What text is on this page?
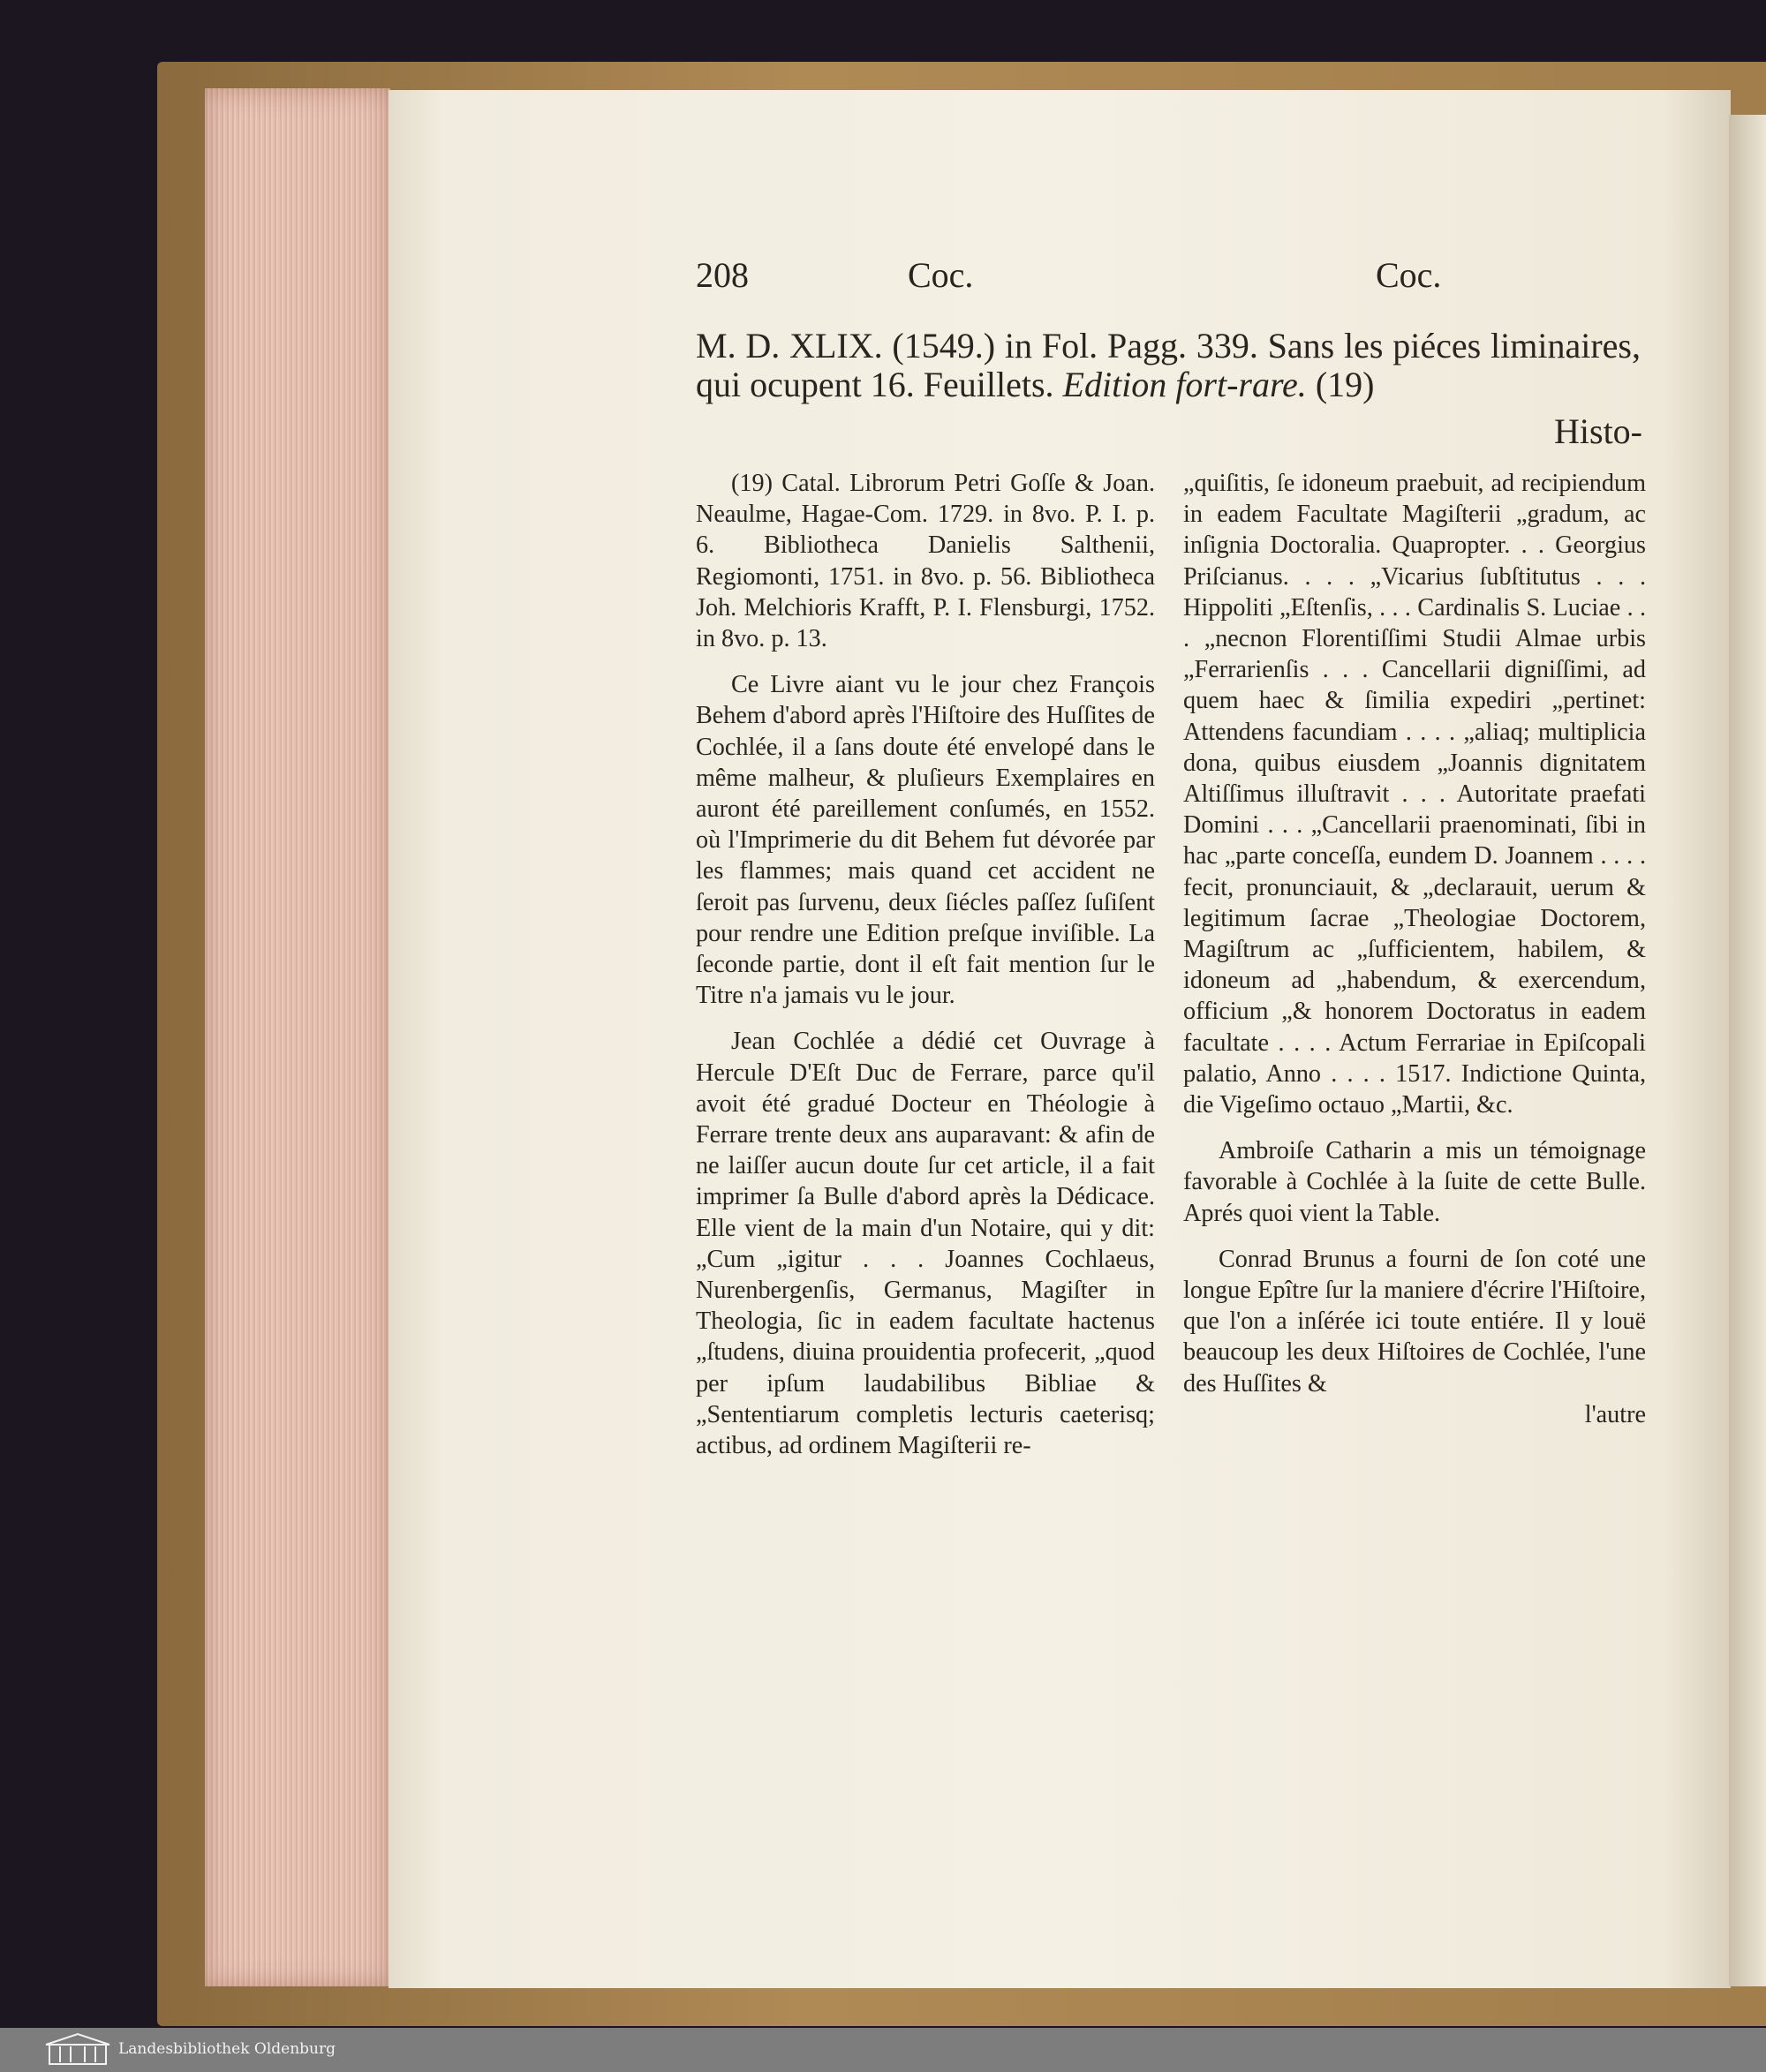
208	Coc.	Coc.
M. D. XLIX. (1549.) in Fol. Pagg. 339. Sans les piéces liminaires,
qui ocupent 16. Feuillets. Edition fort-rare. (19)
Histo-

(19) Catal. Librorum Petri Goſſe & Joan. Neaulme, Hagae-Com. 1729. in 8vo. P. I. p. 6. Bibliotheca Danielis Salthenii, Regiomonti, 1751. in 8vo. p. 56. Bibliotheca Joh. Melchioris Krafft, P. I. Flensburgi, 1752. in 8vo. p. 13.

Ce Livre aiant vu le jour chez François Behem d'abord après l'Hiſtoire des Huſſites de Cochlée, il a ſans doute été envelopé dans le même malheur, & pluſieurs Exemplaires en auront été pareillement conſumés, en 1552. où l'Imprimerie du dit Behem fut dévorée par les flammes; mais quand cet accident ne ſeroit pas ſurvenu, deux ſiécles paſſez ſuſiſent pour rendre une Edition preſque inviſible. La ſeconde partie, dont il eſt fait mention ſur le Titre n'a jamais vu le jour.

Jean Cochlée a dédié cet Ouvrage à Hercule D'Eſt Duc de Ferrare, parce qu'il avoit été gradué Docteur en Théologie à Ferrare trente deux ans auparavant: & afin de ne laiſſer aucun doute ſur cet article, il a fait imprimer ſa Bulle d'abord après la Dédicace. Elle vient de la main d'un Notaire, qui y dit: „Cum „igitur . . . Joannes Cochlaeus, Nurenbergenſis, Germanus, Magiſter in Theologia, ſic in eadem facultate hactenus „ſtudens, diuina prouidentia profecerit, „quod per ipſum laudabilibus Bibliae & „Sententiarum completis lecturis caeterisq; actibus, ad ordinem Magiſterii re-

„quiſitis, ſe idoneum praebuit, ad recipiendum in eadem Facultate Magiſterii „gradum, ac inſignia Doctoralia. Quapropter. . . Georgius Priſcianus. . . . „Vicarius ſubſtitutus . . . Hippoliti „Eſtenſis, . . . Cardinalis S. Luciae . . . „necnon Florentiſſimi Studii Almae urbis „Ferrarienſis . . . Cancellarii digniſſimi, ad quem haec & ſimilia expediri „pertinet: Attendens facundiam . . . . „aliaq; multiplicia dona, quibus eiusdem „Joannis dignitatem Altiſſimus illuſtravit . . . Autoritate praefati Domini . . . „Cancellarii praenominati, ſibi in hac „parte conceſſa, eundem D. Joannem . . . . fecit, pronunciauit, & „declarauit, uerum & legitimum ſacrae „Theologiae Doctorem, Magiſtrum ac „ſufficientem, habilem, & idoneum ad „habendum, & exercendum, officium „& honorem Doctoratus in eadem facultate . . . . Actum Ferrariae in Epiſcopali palatio, Anno . . . . 1517. Indictione Quinta, die Vigeſimo octauo „Martii, &c.

Ambroiſe Catharin a mis un témoignage favorable à Cochlée à la ſuite de cette Bulle. Aprés quoi vient la Table.

Conrad Brunus a fourni de ſon coté une longue Epître ſur la maniere d'écrire l'Hiſtoire, que l'on a inſérée ici toute entiére. Il y louë beaucoup les deux Hiſtoires de Cochlée, l'une des Huſſites &

l'autre

Landesbibliothek Oldenburg
